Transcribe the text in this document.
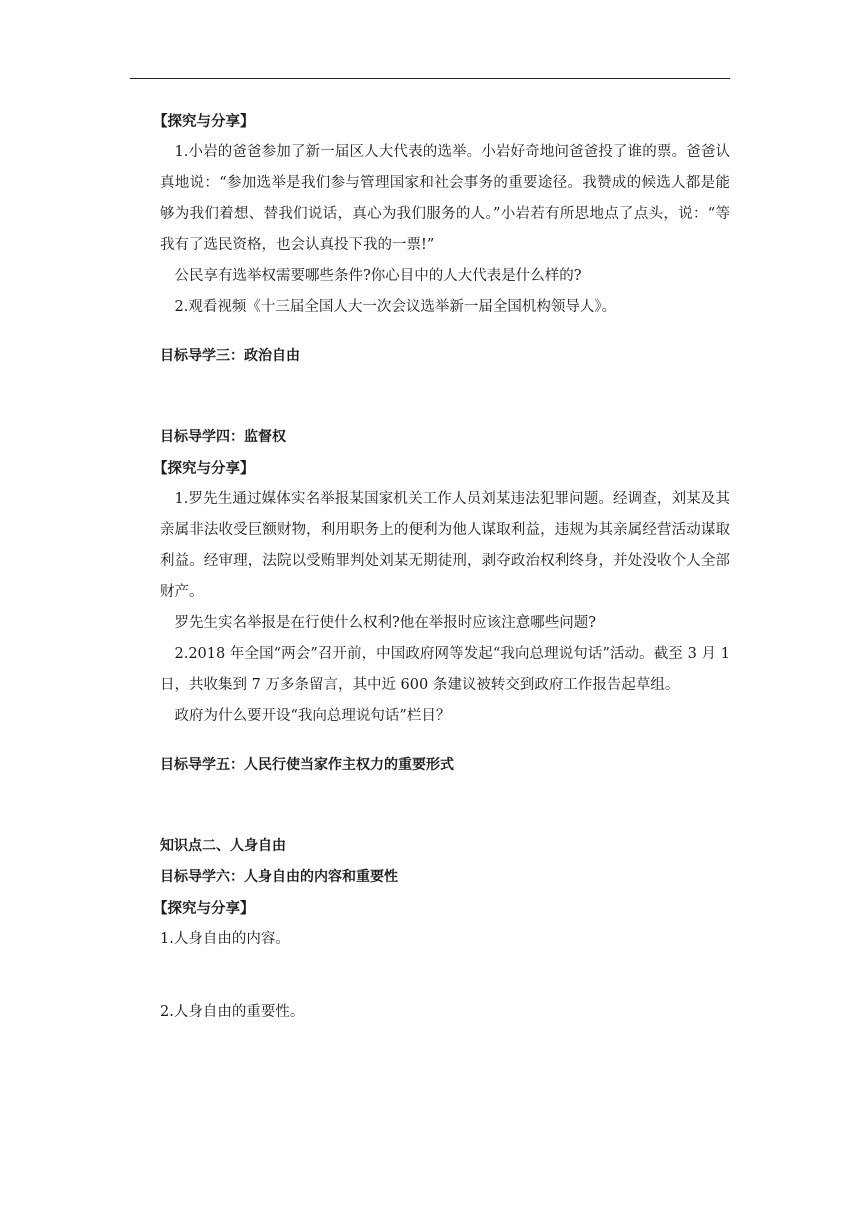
【探究与分享】

1.小岩的爸爸参加了新一届区人大代表的选举。小岩好奇地问爸爸投了谁的票。爸爸认真地说：“参加选举是我们参与管理国家和社会事务的重要途径。我赞成的候选人都是能够为我们着想、替我们说话，真心为我们服务的人。”小岩若有所思地点了点头，说：“等我有了选民资格，也会认真投下我的一票!”

公民享有选举权需要哪些条件?你心目中的人大代表是什么样的?

2.观看视频《十三届全国人大一次会议选举新一届全国机构领导人》。

目标导学三：政治自由

目标导学四：监督权

【探究与分享】

1.罗先生通过媒体实名举报某国家机关工作人员刘某违法犯罪问题。经调查，刘某及其亲属非法收受巨额财物，利用职务上的便利为他人谋取利益，违规为其亲属经营活动谋取利益。经审理，法院以受贿罪判处刘某无期徒刑，剥夺政治权利终身，并处没收个人全部财产。

罗先生实名举报是在行使什么权利?他在举报时应该注意哪些问题?

2.2018 年全国“两会”召开前，中国政府网等发起“我向总理说句话”活动。截至 3 月 1 日，共收集到 7 万多条留言，其中近 600 条建议被转交到政府工作报告起草组。

政府为什么要开设“我向总理说句话”栏目？

目标导学五：人民行使当家作主权力的重要形式

知识点二、人身自由

目标导学六：人身自由的内容和重要性

【探究与分享】

1.人身自由的内容。

2.人身自由的重要性。
